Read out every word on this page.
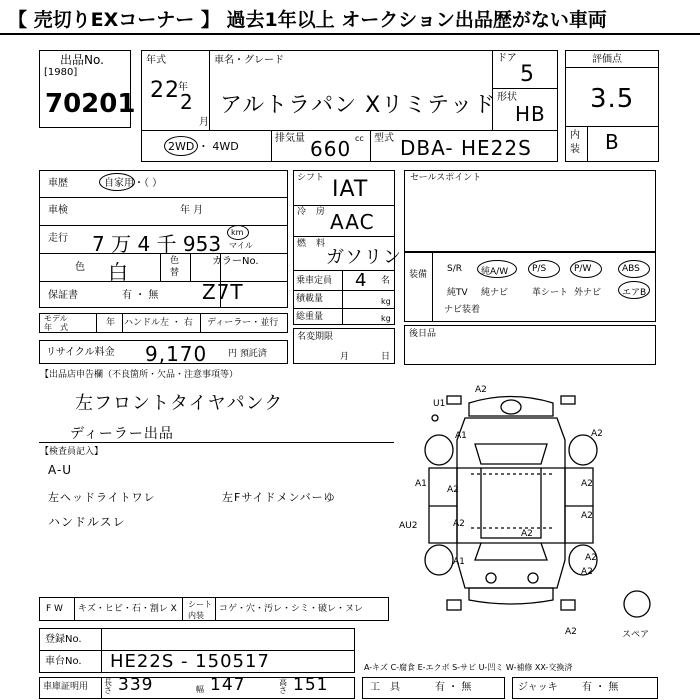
【 売切りEXコーナー 】 過去1年以上 オークション出品歴がない車両
出品No.
[1980]
70201
年式
22 2
年
月
車名・グレード
アルトラパン Xリミテッド
ドア
5
形状
HB
2WD ・ 4WD
排気量 660 cc 型式 DBA- HE22S
評価点
3.5
内
装 B
車歴	自家用・（ ）
車検	年 月
走行 7 万 4 千 953 km
マイル
色 白	色
替
カラーNo.
Z7T
保証書	有 ・ 無
モデル
年　式	年 ハンドル 左 ・ 右 ディーラー・並行
リサイクル料金 9,170 円 預託済
シフト IAT
冷 房 AAC
燃 料
ガソリン
乗車定員 4 名
積載量	kg
総重量	kg
名変期限
月	日
セールスポイント
装備
S/R 純A/W	P/S	P/W	ABS
純TV 純ナビ	革シート 外ナビ エアB
ナビ装着
後日品
【出品店申告欄（不良箇所・欠品・注意事項等）
左フロントタイヤパンク
ディーラー出品
【検査員記入】
A-U
左ヘッドライトワレ	左Fサイドメンバーゆ
ハンドルスレ
A2
U1
A1	A2
A1
A2
A2
A2
A2
AU2
A2
A2
A1
A2
A2
スペア
F W キズ・ヒビ・石・割レ X シート
内装
コゲ・穴・汚レ・シミ・破レ・ヌレ
登録No.
車台No. HE22S - 150517
車庫証明用 長さ 339	幅 147	高さ 151	工　具	有 ・ 無	ジャッキ 有 ・ 無
A-キズ C-腐食 E-エクボ S-サビ U-凹ミ W-補修 XX-交換済
